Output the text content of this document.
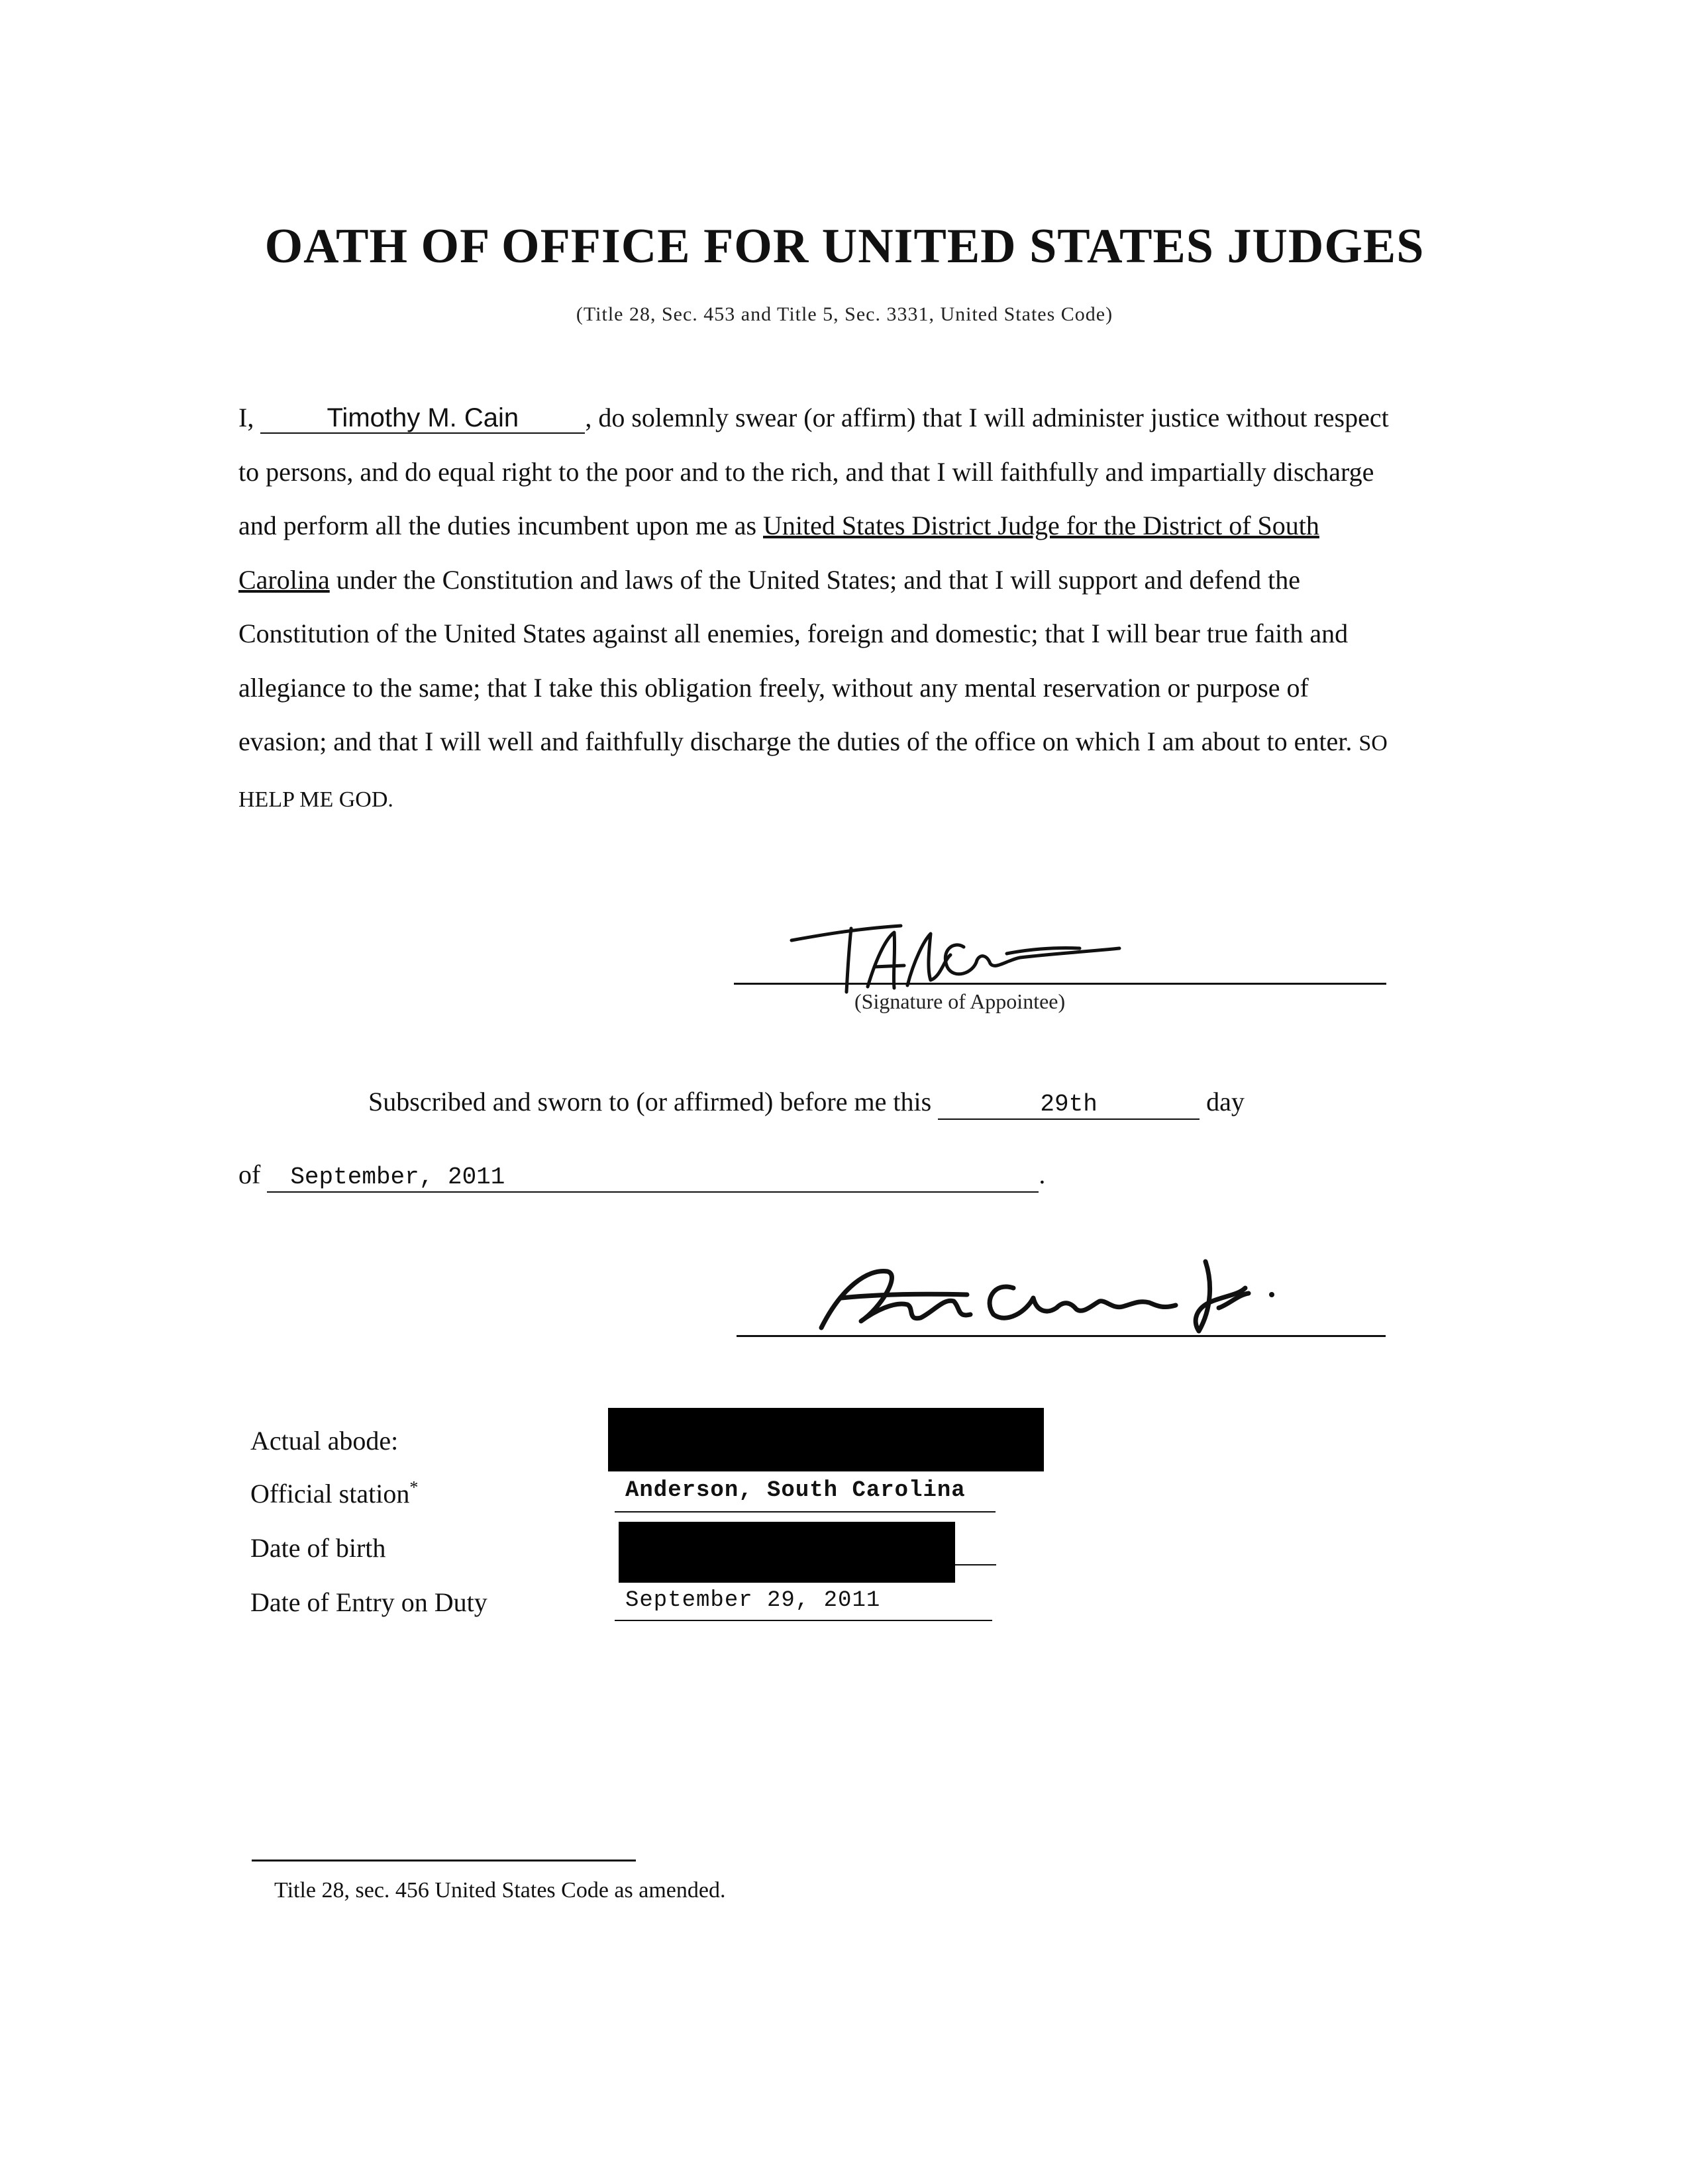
OATH OF OFFICE FOR UNITED STATES JUDGES
(Title 28, Sec. 453 and Title 5, Sec. 3331, United States Code)
I,	Timothy M. Cain	, do solemnly swear (or affirm) that I will administer justice without respect to persons, and do equal right to the poor and to the rich, and that I will faithfully and impartially discharge and perform all the duties incumbent upon me as United States District Judge for the District of South Carolina under the Constitution and laws of the United States; and that I will support and defend the Constitution of the United States against all enemies, foreign and domestic; that I will bear true faith and allegiance to the same; that I take this obligation freely, without any mental reservation or purpose of evasion; and that I will well and faithfully discharge the duties of the office on which I am about to enter. SO HELP ME GOD.
(Signature of Appointee)
Subscribed and sworn to (or affirmed) before me this	29th	day
of September, 2011	.
Actual abode:
Official station*	Anderson, South Carolina
Date of birth
Date of Entry on Duty	September 29, 2011
Title 28, sec. 456 United States Code as amended.
